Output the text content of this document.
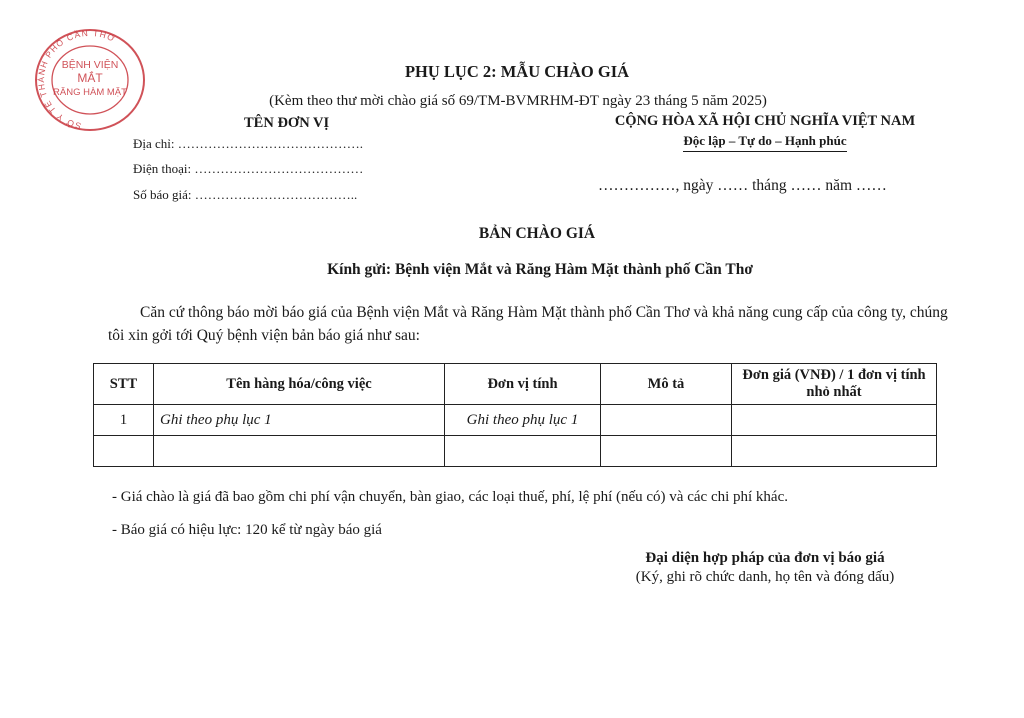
SỞ Y TẾ THÀNH PHỐ CẦN THƠ
BỆNH VIỆN
MẮT
RĂNG HÀM MẶT
PHỤ LỤC 2: MẪU CHÀO GIÁ
(Kèm theo thư mời chào giá số 69/TM-BVMRHM-ĐT ngày 23 tháng 5 năm 2025)
TÊN ĐƠN VỊ
Địa chỉ: …………………………………….
Điện thoại: …………………………………
Số báo giá: ………………………………..
CỘNG HÒA XÃ HỘI CHỦ NGHĨA VIỆT NAM
Độc lập – Tự do – Hạnh phúc
……………, ngày …… tháng …… năm ……
BẢN CHÀO GIÁ
Kính gửi: Bệnh viện Mắt và Răng Hàm Mặt thành phố Cần Thơ
Căn cứ thông báo mời báo giá của Bệnh viện Mắt và Răng Hàm Mặt thành phố Cần Thơ và khả năng cung cấp của công ty, chúng tôi xin gởi tới Quý bệnh viện bản báo giá như sau:
STT	Tên hàng hóa/công việc	Đơn vị tính	Mô tả	Đơn giá (VNĐ) / 1 đơn vị tính nhỏ nhất
1	Ghi theo phụ lục 1	Ghi theo phụ lục 1		

- Giá chào là giá đã bao gồm chi phí vận chuyển, bàn giao, các loại thuế, phí, lệ phí (nếu có) và các chi phí khác.
- Báo giá có hiệu lực: 120 kể từ ngày báo giá
Đại diện hợp pháp của đơn vị báo giá
(Ký, ghi rõ chức danh, họ tên và đóng dấu)
